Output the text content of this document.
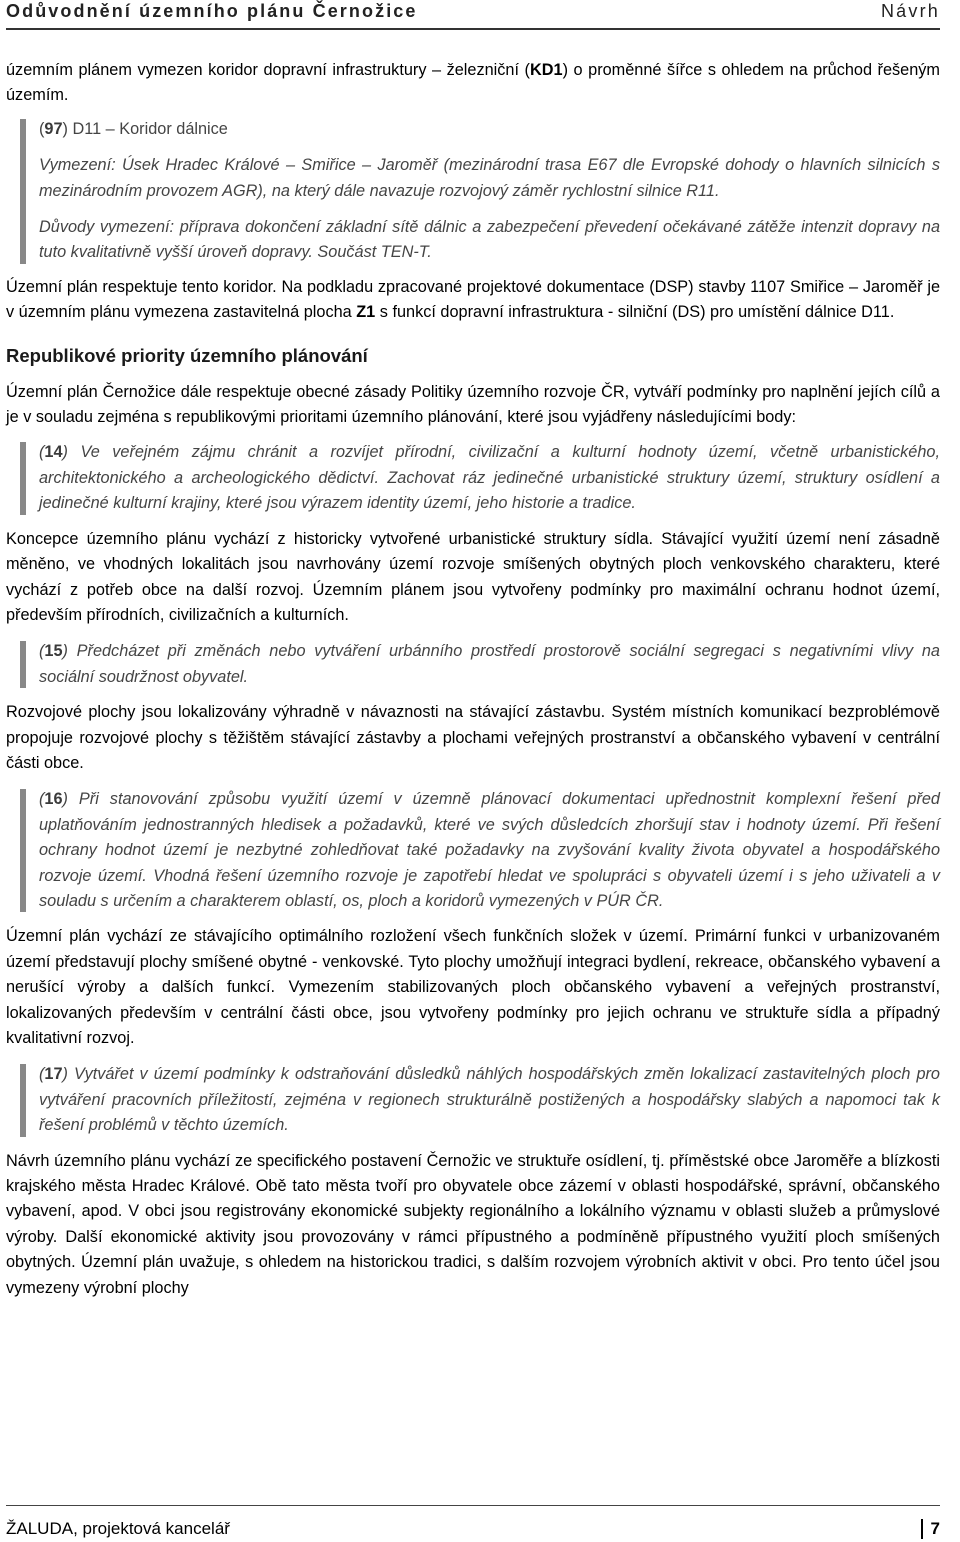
Odůvodnění územního plánu Černožice	Návrh

územním plánem vymezen koridor dopravní infrastruktury – železniční (KD1) o proměnné šířce s ohledem na průchod řešeným územím.

(97) D11 – Koridor dálnice

Vymezení: Úsek Hradec Králové – Smiřice – Jaroměř (mezinárodní trasa E67 dle Evropské dohody o hlavních silnicích s mezinárodním provozem AGR), na který dále navazuje rozvojový záměr rychlostní silnice R11.

Důvody vymezení: příprava dokončení základní sítě dálnic a zabezpečení převedení očekávané zátěže intenzit dopravy na tuto kvalitativně vyšší úroveň dopravy. Součást TEN-T.

Územní plán respektuje tento koridor. Na podkladu zpracované projektové dokumentace (DSP) stavby 1107 Smiřice – Jaroměř je v územním plánu vymezena zastavitelná plocha Z1 s funkcí dopravní infrastruktura - silniční (DS) pro umístění dálnice D11.

Republikové priority územního plánování

Územní plán Černožice dále respektuje obecné zásady Politiky územního rozvoje ČR, vytváří podmínky pro naplnění jejích cílů a je v souladu zejména s republikovými prioritami územního plánování, které jsou vyjádřeny následujícími body:

(14) Ve veřejném zájmu chránit a rozvíjet přírodní, civilizační a kulturní hodnoty území, včetně urbanistického, architektonického a archeologického dědictví. Zachovat ráz jedinečné urbanistické struktury území, struktury osídlení a jedinečné kulturní krajiny, které jsou výrazem identity území, jeho historie a tradice.

Koncepce územního plánu vychází z historicky vytvořené urbanistické struktury sídla. Stávající využití území není zásadně měněno, ve vhodných lokalitách jsou navrhovány území rozvoje smíšených obytných ploch venkovského charakteru, které vychází z potřeb obce na další rozvoj. Územním plánem jsou vytvořeny podmínky pro maximální ochranu hodnot území, především přírodních, civilizačních a kulturních.

(15) Předcházet při změnách nebo vytváření urbánního prostředí prostorově sociální segregaci s negativními vlivy na sociální soudržnost obyvatel.

Rozvojové plochy jsou lokalizovány výhradně v návaznosti na stávající zástavbu. Systém místních komunikací bezproblémově propojuje rozvojové plochy s těžištěm stávající zástavby a plochami veřejných prostranství a občanského vybavení v centrální části obce.

(16) Při stanovování způsobu využití území v územně plánovací dokumentaci upřednostnit komplexní řešení před uplatňováním jednostranných hledisek a požadavků, které ve svých důsledcích zhoršují stav i hodnoty území. Při řešení ochrany hodnot území je nezbytné zohledňovat také požadavky na zvyšování kvality života obyvatel a hospodářského rozvoje území. Vhodná řešení územního rozvoje je zapotřebí hledat ve spolupráci s obyvateli území i s jeho uživateli a v souladu s určením a charakterem oblastí, os, ploch a koridorů vymezených v PÚR ČR.

Územní plán vychází ze stávajícího optimálního rozložení všech funkčních složek v území. Primární funkci v urbanizovaném území představují plochy smíšené obytné - venkovské. Tyto plochy umožňují integraci bydlení, rekreace, občanského vybavení a nerušící výroby a dalších funkcí. Vymezením stabilizovaných ploch občanského vybavení a veřejných prostranství, lokalizovaných především v centrální části obce, jsou vytvořeny podmínky pro jejich ochranu ve struktuře sídla a případný kvalitativní rozvoj.

(17) Vytvářet v území podmínky k odstraňování důsledků náhlých hospodářských změn lokalizací zastavitelných ploch pro vytváření pracovních příležitostí, zejména v regionech strukturálně postižených a hospodářsky slabých a napomoci tak k řešení problémů v těchto územích.

Návrh územního plánu vychází ze specifického postavení Černožic ve struktuře osídlení, tj. příměstské obce Jaroměře a blízkosti krajského města Hradec Králové. Obě tato města tvoří pro obyvatele obce zázemí v oblasti hospodářské, správní, občanského vybavení, apod. V obci jsou registrovány ekonomické subjekty regionálního a lokálního významu v oblasti služeb a průmyslové výroby. Další ekonomické aktivity jsou provozovány v rámci přípustného a podmíněně přípustného využití ploch smíšených obytných. Územní plán uvažuje, s ohledem na historickou tradici, s dalším rozvojem výrobních aktivit v obci. Pro tento účel jsou vymezeny výrobní plochy

ŽALUDA, projektová kancelář	7
